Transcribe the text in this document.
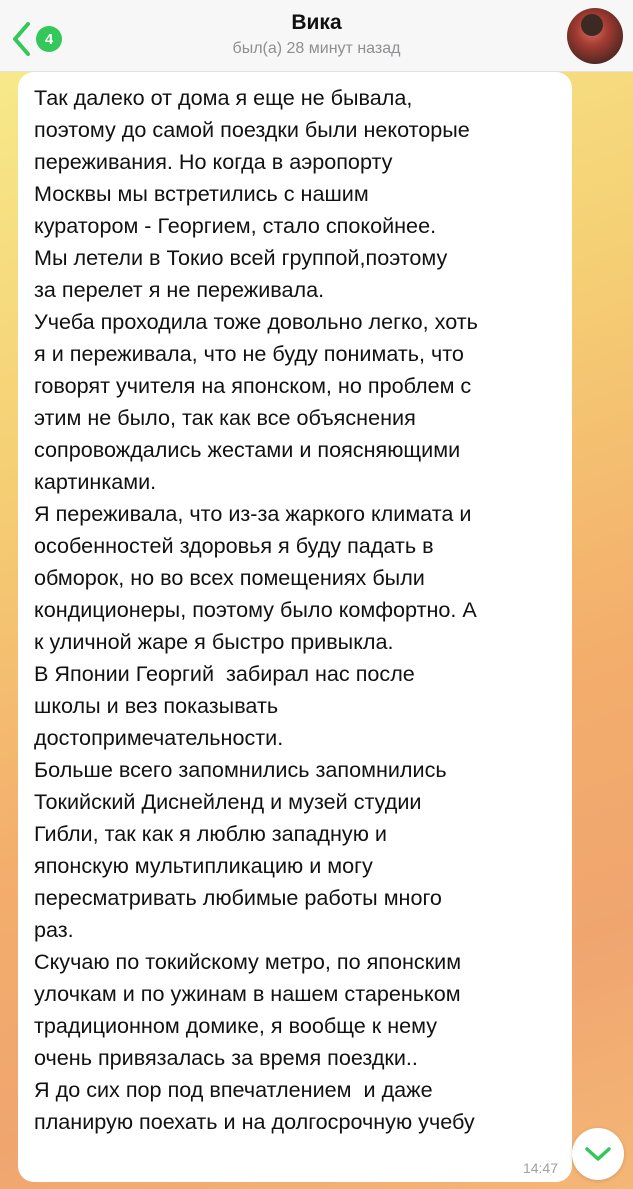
4
Вика
был(а) 28 минут назад

Так далеко от дома я еще не бывала,
поэтому до самой поездки были некоторые
переживания. Но когда в аэропорту
Москвы мы встретились с нашим
куратором - Георгием, стало спокойнее.
Мы летели в Токио всей группой,поэтому
за перелет я не переживала.
Учеба проходила тоже довольно легко, хоть
я и переживала, что не буду понимать, что
говорят учителя на японском, но проблем с
этим не было, так как все объяснения
сопровождались жестами и поясняющими
картинками.
Я переживала, что из-за жаркого климата и
особенностей здоровья я буду падать в
обморок, но во всех помещениях были
кондиционеры, поэтому было комфортно. А
к уличной жаре я быстро привыкла.
В Японии Георгий  забирал нас после
школы и вез показывать
достопримечательности.
Больше всего запомнились запомнились
Токийский Диснейленд и музей студии
Гибли, так как я люблю западную и
японскую мультипликацию и могу
пересматривать любимые работы много
раз.
Скучаю по токийскому метро, по японским
улочкам и по ужинам в нашем стареньком
традиционном домике, я вообще к нему
очень привязалась за время поездки..
Я до сих пор под впечатлением  и даже
планирую поехать и на долгосрочную учебу

14:47
